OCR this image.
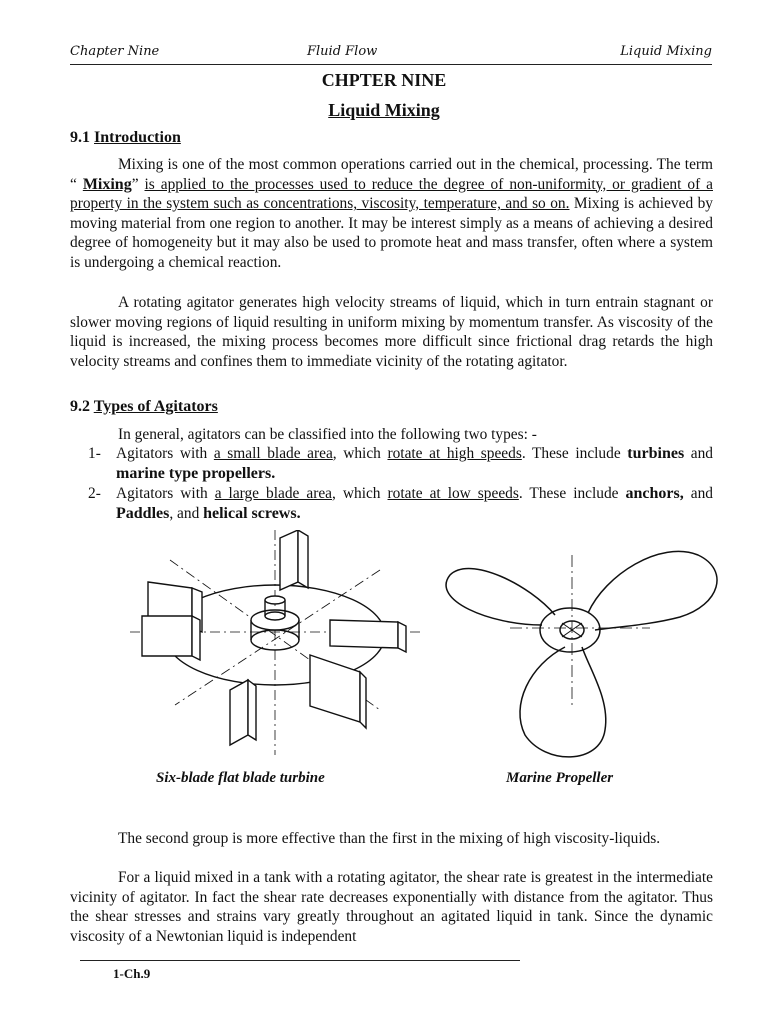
Chapter Nine	Fluid Flow	Liquid Mixing
CHPTER NINE
Liquid Mixing
9.1 Introduction

Mixing is one of the most common operations carried out in the chemical, processing. The term “ Mixing” is applied to the processes used to reduce the degree of non-uniformity, or gradient of a property in the system such as concentrations, viscosity, temperature, and so on. Mixing is achieved by moving material from one region to another. It may be interest simply as a means of achieving a desired degree of homogeneity but it may also be used to promote heat and mass transfer, often where a system is undergoing a chemical reaction.

A rotating agitator generates high velocity streams of liquid, which in turn entrain stagnant or slower moving regions of liquid resulting in uniform mixing by momentum transfer. As viscosity of the liquid is increased, the mixing process becomes more difficult since frictional drag retards the high velocity streams and confines them to immediate vicinity of the rotating agitator.

9.2 Types of Agitators

In general, agitators can be classified into the following two types: -

1- Agitators with a small blade area, which rotate at high speeds. These include turbines and marine type propellers.
2- Agitators with a large blade area, which rotate at low speeds. These include anchors, and Paddles, and helical screws.
Six-blade flat blade turbine	Marine Propeller

The second group is more effective than the first in the mixing of high viscosity-liquids.

For a liquid mixed in a tank with a rotating agitator, the shear rate is greatest in the intermediate vicinity of agitator. In fact the shear rate decreases exponentially with distance from the agitator. Thus the shear stresses and strains vary greatly throughout an agitated liquid in tank. Since the dynamic viscosity of a Newtonian liquid is independent

1-Ch.9
